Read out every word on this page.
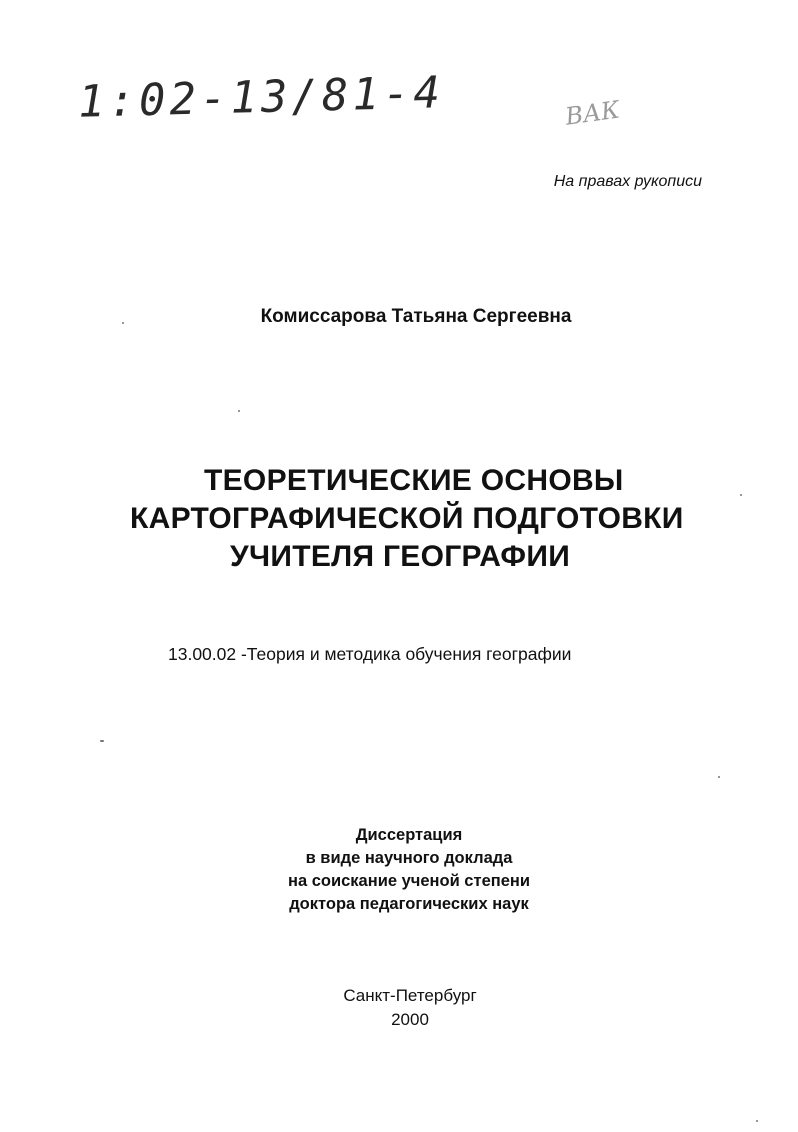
1:02-13/81-4	ВАК
На правах рукописи
Комиссарова Татьяна Сергеевна
ТЕОРЕТИЧЕСКИЕ ОСНОВЫ
КАРТОГРАФИЧЕСКОЙ ПОДГОТОВКИ
УЧИТЕЛЯ ГЕОГРАФИИ
13.00.02 -Теория и методика обучения географии
Диссертация
в виде научного доклада
на соискание ученой степени
доктора педагогических наук
Санкт-Петербург
2000
